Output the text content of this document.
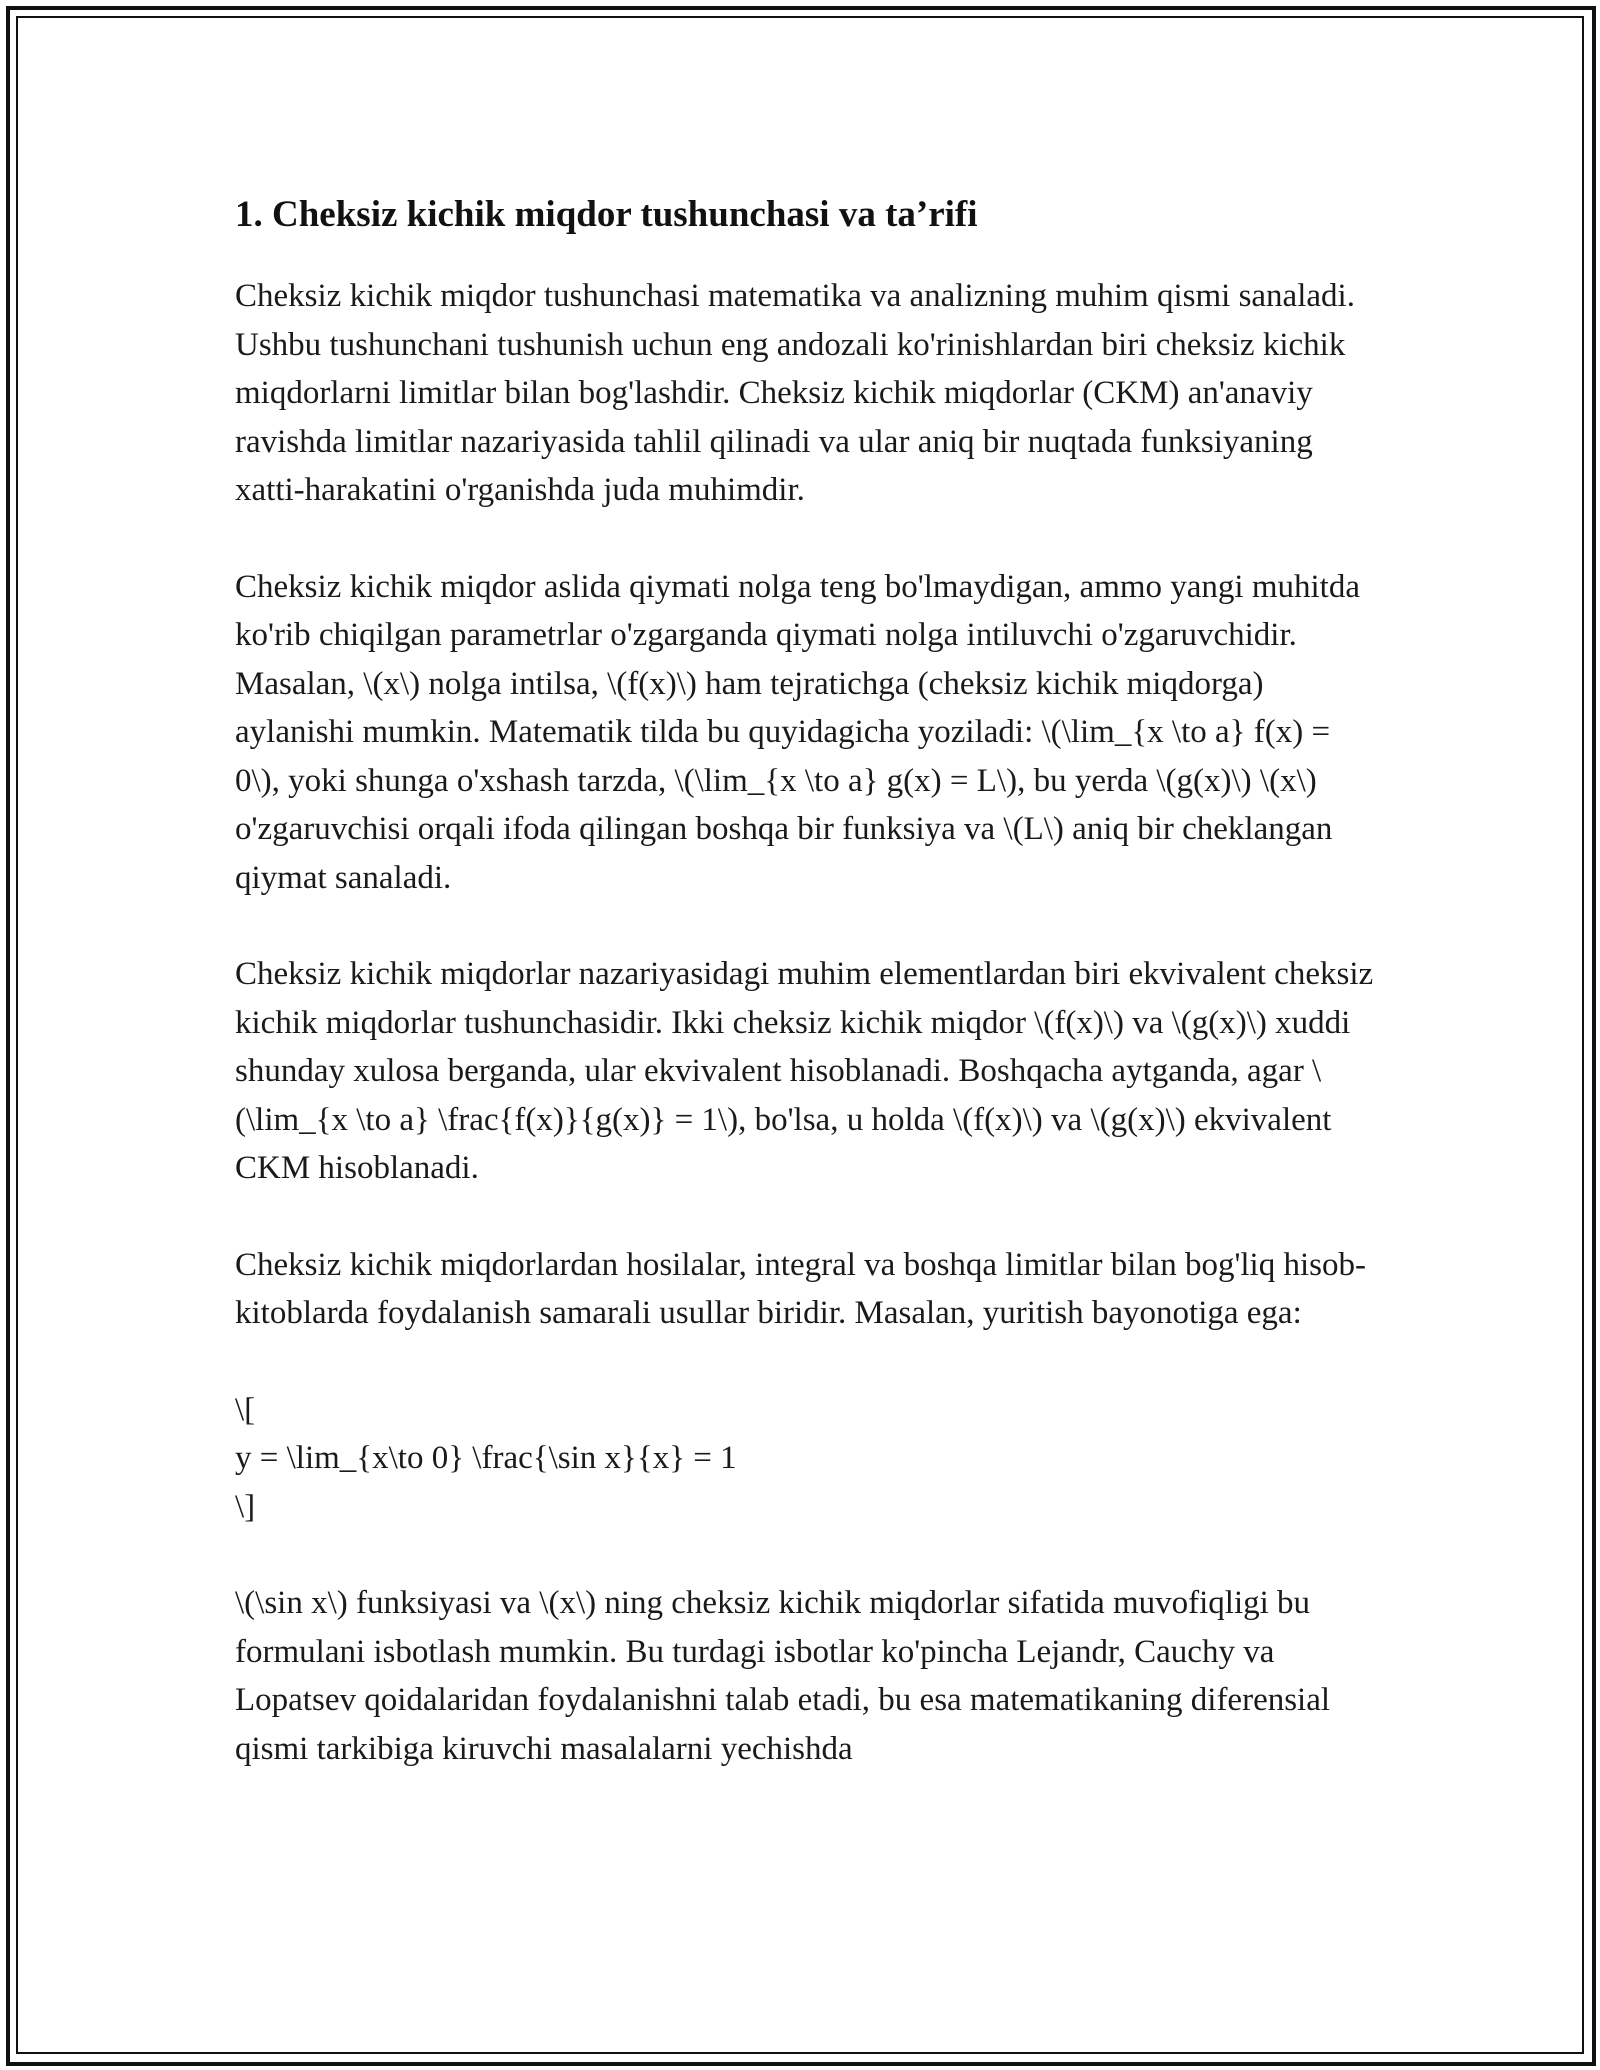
1. Cheksiz kichik miqdor tushunchasi va ta’rifi

Cheksiz kichik miqdor tushunchasi matematika va analizning muhim qismi sanaladi. Ushbu tushunchani tushunish uchun eng andozali ko'rinishlardan biri cheksiz kichik miqdorlarni limitlar bilan bog'lashdir. Cheksiz kichik miqdorlar (CKM) an'anaviy ravishda limitlar nazariyasida tahlil qilinadi va ular aniq bir nuqtada funksiyaning xatti-harakatini o'rganishda juda muhimdir.

Cheksiz kichik miqdor aslida qiymati nolga teng bo'lmaydigan, ammo yangi muhitda ko'rib chiqilgan parametrlar o'zgarganda qiymati nolga intiluvchi o'zgaruvchidir. Masalan, \(x\) nolga intilsa, \(f(x)\) ham tejratichga (cheksiz kichik miqdorga) aylanishi mumkin. Matematik tilda bu quyidagicha yoziladi: \(\lim_{x \to a} f(x) = 0\), yoki shunga o'xshash tarzda, \(\lim_{x \to a} g(x) = L\), bu yerda \(g(x)\) \(x\) o'zgaruvchisi orqali ifoda qilingan boshqa bir funksiya va \(L\) aniq bir cheklangan qiymat sanaladi.

Cheksiz kichik miqdorlar nazariyasidagi muhim elementlardan biri ekvivalent cheksiz kichik miqdorlar tushunchasidir. Ikki cheksiz kichik miqdor \(f(x)\) va \(g(x)\) xuddi shunday xulosa berganda, ular ekvivalent hisoblanadi. Boshqacha aytganda, agar \(\lim_{x \to a} \frac{f(x)}{g(x)} = 1\), bo'lsa, u holda \(f(x)\) va \(g(x)\) ekvivalent CKM hisoblanadi.

Cheksiz kichik miqdorlardan hosilalar, integral va boshqa limitlar bilan bog'liq hisob-kitoblarda foydalanish samarali usullar biridir. Masalan, yuritish bayonotiga ega:

\[
y = \lim_{x\to 0} \frac{\sin x}{x} = 1
\]

\(\sin x\) funksiyasi va \(x\) ning cheksiz kichik miqdorlar sifatida muvofiqligi bu formulani isbotlash mumkin. Bu turdagi isbotlar ko'pincha Lejandr, Cauchy va Lopatsev qoidalaridan foydalanishni talab etadi, bu esa matematikaning diferensial qismi tarkibiga kiruvchi masalalarni yechishda
